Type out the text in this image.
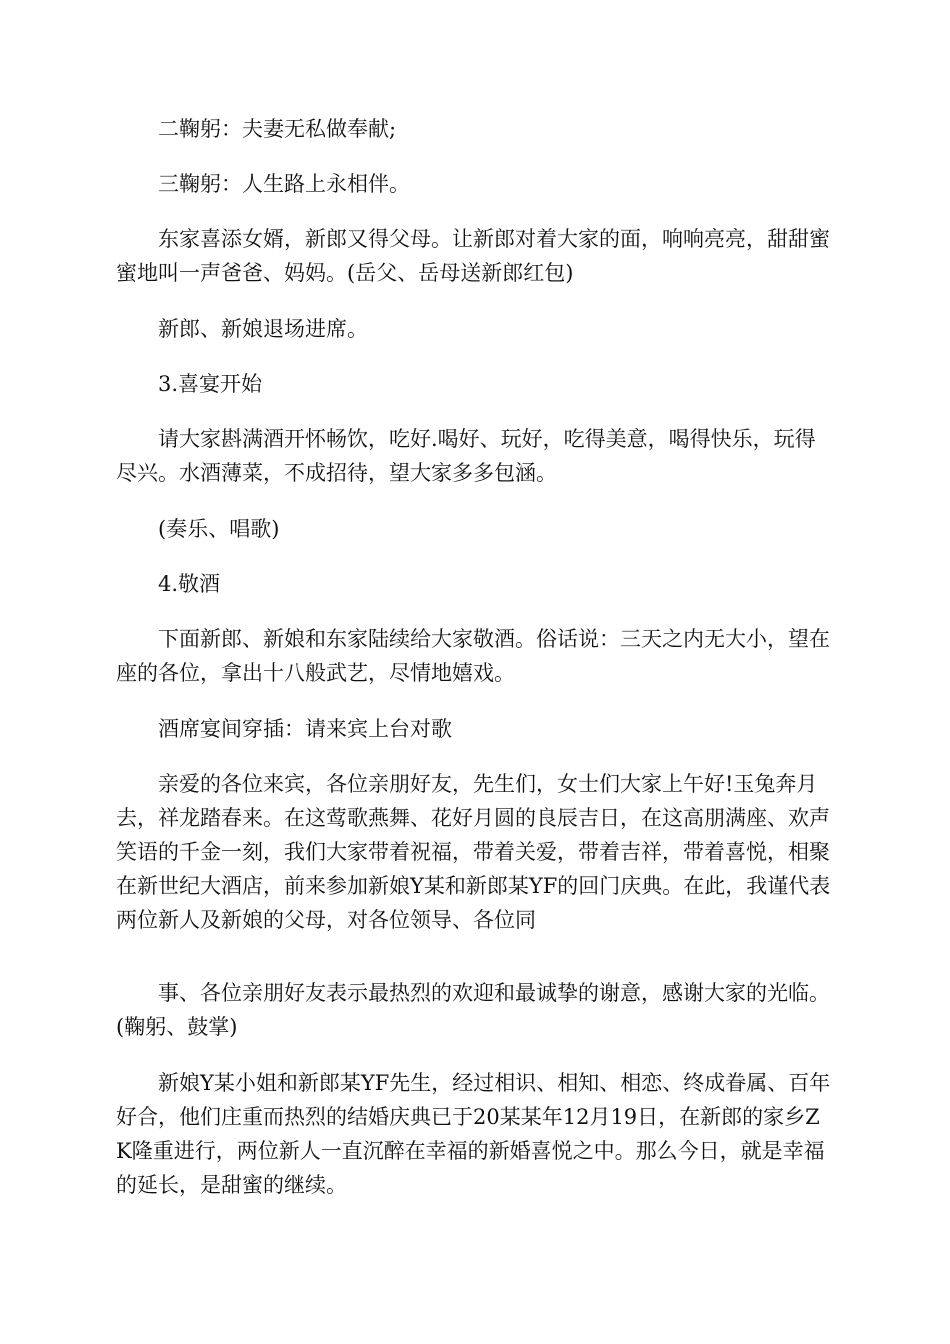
二鞠躬：夫妻无私做奉献;

三鞠躬：人生路上永相伴。

东家喜添女婿，新郎又得父母。让新郎对着大家的面，响响亮亮，甜甜蜜蜜地叫一声爸爸、妈妈。(岳父、岳母送新郎红包)

新郎、新娘退场进席。

3.喜宴开始

请大家斟满酒开怀畅饮，吃好.喝好、玩好，吃得美意，喝得快乐，玩得尽兴。水酒薄菜，不成招待，望大家多多包涵。

(奏乐、唱歌)

4.敬酒

下面新郎、新娘和东家陆续给大家敬酒。俗话说：三天之内无大小，望在座的各位，拿出十八般武艺，尽情地嬉戏。

酒席宴间穿插：请来宾上台对歌

亲爱的各位来宾，各位亲朋好友，先生们，女士们大家上午好!玉兔奔月去，祥龙踏春来。在这莺歌燕舞、花好月圆的良辰吉日，在这高朋满座、欢声笑语的千金一刻，我们大家带着祝福，带着关爱，带着吉祥，带着喜悦，相聚在新世纪大酒店，前来参加新娘Y某和新郎某YF的回门庆典。在此，我谨代表两位新人及新娘的父母，对各位领导、各位同

事、各位亲朋好友表示最热烈的欢迎和最诚挚的谢意，感谢大家的光临。(鞠躬、鼓掌)

新娘Y某小姐和新郎某YF先生，经过相识、相知、相恋、终成眷属、百年好合，他们庄重而热烈的结婚庆典已于20某某年12月19日，在新郎的家乡ZK隆重进行，两位新人一直沉醉在幸福的新婚喜悦之中。那么今日，就是幸福的延长，是甜蜜的继续。
